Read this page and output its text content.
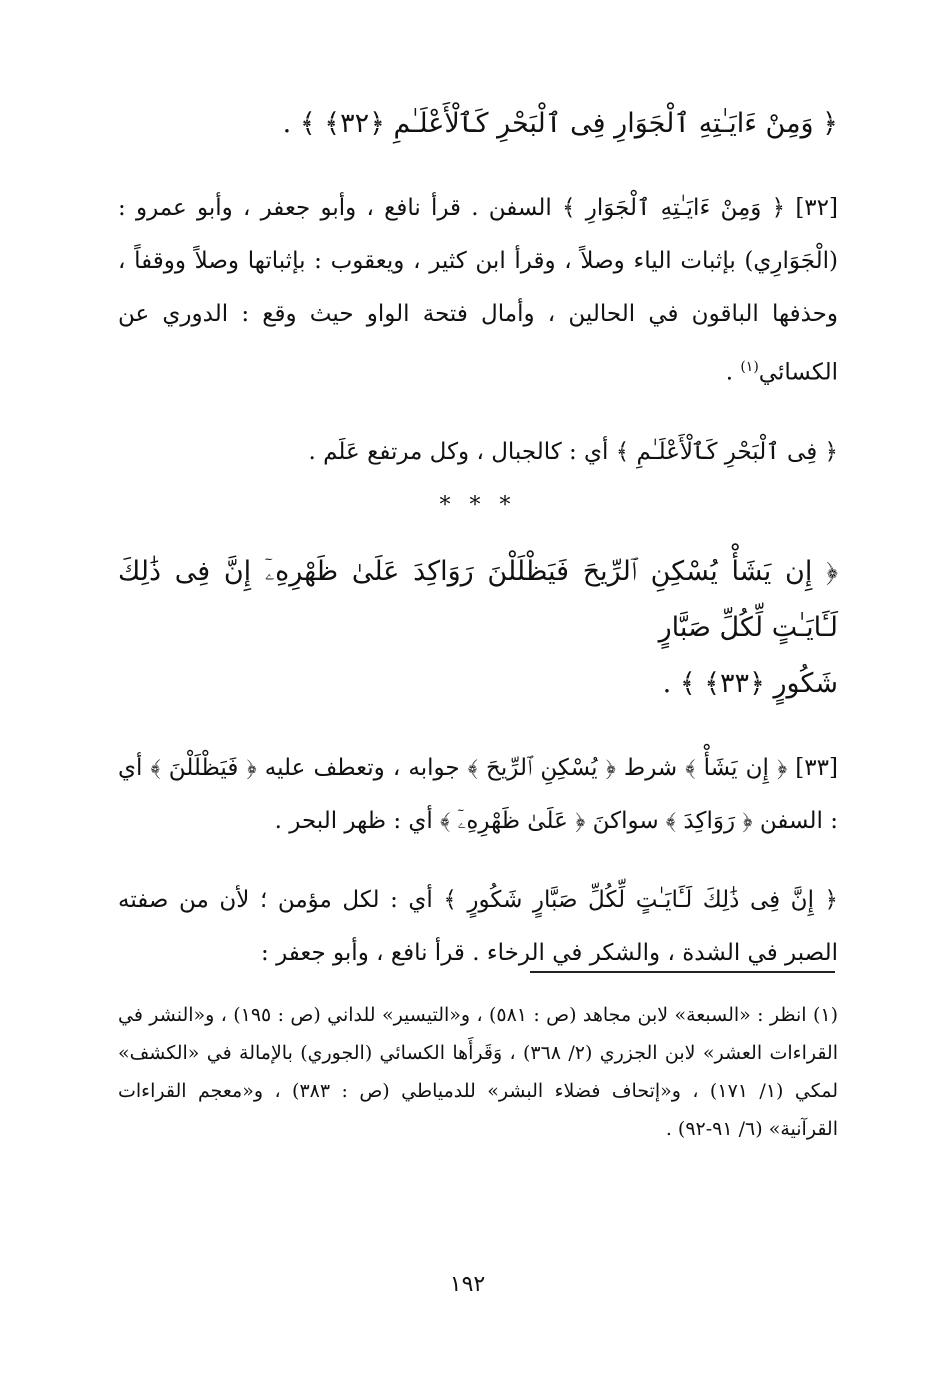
﴿ وَمِنْ ءَايَـٰتِهِ ٱلْجَوَارِ فِى ٱلْبَحْرِ كَٱلْأَعْلَـٰمِ ﴿٣٢﴾ ﴾ .

[٣٢] ﴿ وَمِنْ ءَايَـٰتِهِ ٱلْجَوَارِ ﴾ السفن . قرأ نافع ، وأبو جعفر ، وأبو عمرو : (الْجَوَارِي) بإثبات الياء وصلاً ، وقرأ ابن كثير ، ويعقوب : بإثباتها وصلاً ووقفاً ، وحذفها الباقون في الحالين ، وأمال فتحة الواو حيث وقع : الدوري عن الكسائي$^{(١)}$ .

﴿ فِى ٱلْبَحْرِ كَٱلْأَعْلَـٰمِ ﴾ أي : كالجبال ، وكل مرتفع عَلَم .

* * *

﴿ إِن يَشَأْ يُسْكِنِ ٱلرِّيحَ فَيَظْلَلْنَ رَوَاكِدَ عَلَىٰ ظَهْرِهِۦٓ إِنَّ فِى ذَٰلِكَ لَـَٔايَـٰتٍ لِّكُلِّ صَبَّارٍ

شَكُورٍ ﴿٣٣﴾ ﴾ .

[٣٣] ﴿ إِن يَشَأْ ﴾ شرط ﴿ يُسْكِنِ ٱلرِّيحَ ﴾ جوابه ، وتعطف عليه ﴿ فَيَظْلَلْنَ ﴾ أي : السفن ﴿ رَوَاكِدَ ﴾ سواكنَ ﴿ عَلَىٰ ظَهْرِهِۦٓ ﴾ أي : ظهر البحر .

﴿ إِنَّ فِى ذَٰلِكَ لَـَٔايَـٰتٍ لِّكُلِّ صَبَّارٍ شَكُورٍ ﴾ أي : لكل مؤمن ؛ لأن من صفته الصبر في الشدة ، والشكر في الرخاء . قرأ نافع ، وأبو جعفر :

(١) انظر : «السبعة» لابن مجاهد (ص : ٥٨١) ، و«التيسير» للداني (ص : ١٩٥) ، و«النشر في القراءات العشر» لابن الجزري (٢/ ٣٦٨) ، وَقَرأَها الكسائي (الجوري) بالإمالة في «الكشف» لمكي (١/ ١٧١) ، و«إتحاف فضلاء البشر» للدمياطي (ص : ٣٨٣) ، و«معجم القراءات القرآنية» (٦/ ٩١-٩٢) .

١٩٢
